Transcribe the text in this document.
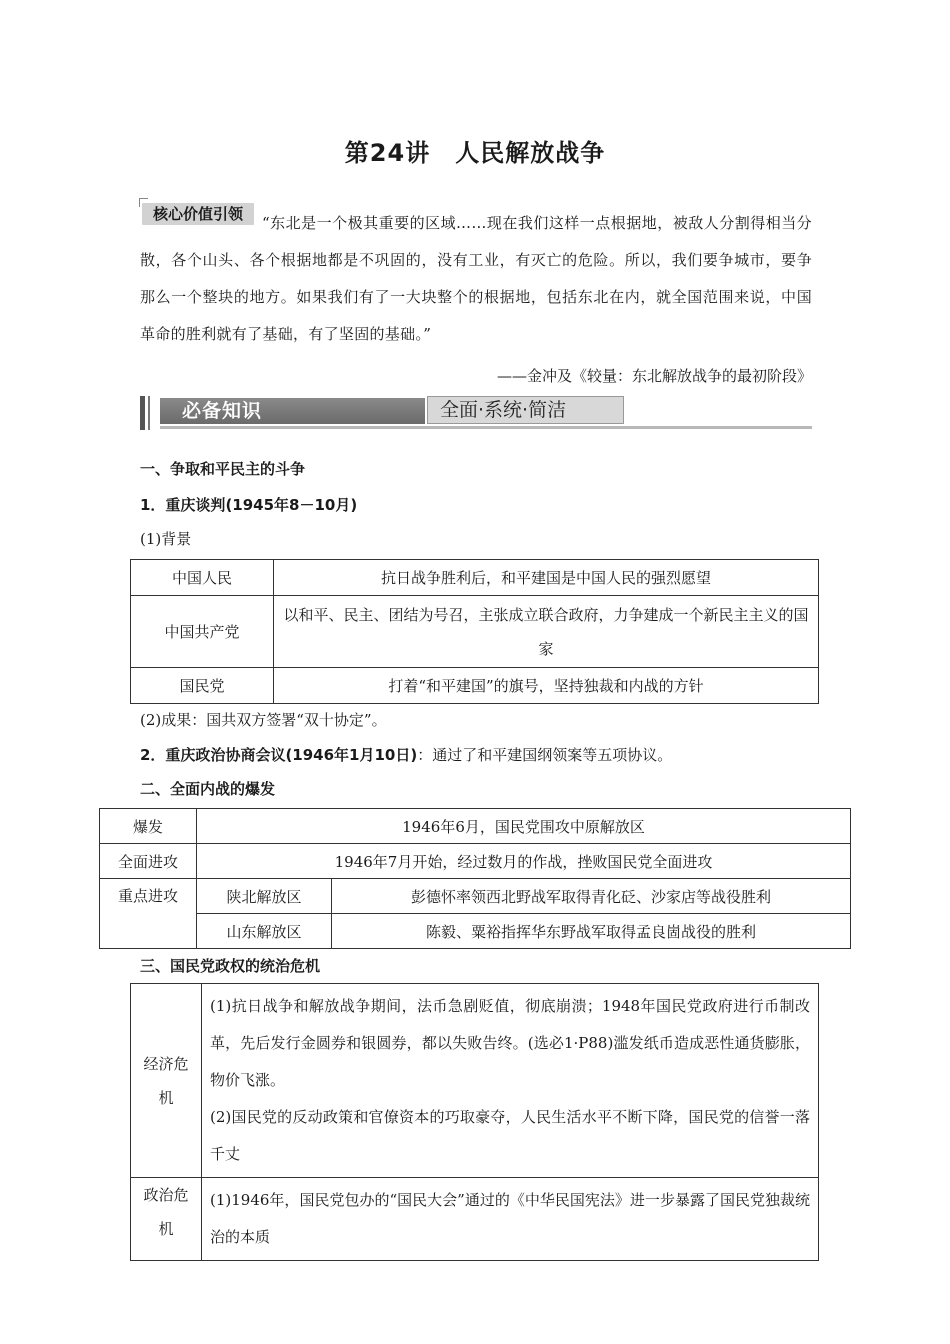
第24讲　人民解放战争
核心价值引领	“东北是一个极其重要的区域……现在我们这样一点根据地，被敌人分割得相当分散，各个山头、各个根据地都是不巩固的，没有工业，有灭亡的危险。所以，我们要争城市，要争那么一个整块的地方。如果我们有了一大块整个的根据地，包括东北在内，就全国范围来说，中国革命的胜利就有了基础，有了坚固的基础。”
——金冲及《较量：东北解放战争的最初阶段》
必备知识	全面·系统·简洁
一、争取和平民主的斗争
1．重庆谈判(1945年8－10月)
(1)背景
中国人民	抗日战争胜利后，和平建国是中国人民的强烈愿望
中国共产党	以和平、民主、团结为号召，主张成立联合政府，力争建成一个新民主主义的国家
国民党	打着“和平建国”的旗号，坚持独裁和内战的方针
(2)成果：国共双方签署“双十协定”。
2．重庆政治协商会议(1946年1月10日)：通过了和平建国纲领案等五项协议。
二、全面内战的爆发
爆发	1946年6月，国民党围攻中原解放区	
全面进攻	1946年7月开始，经过数月的作战，挫败国民党全面进攻	
重点进攻	陕北解放区	彭德怀率领西北野战军取得青化砭、沙家店等战役胜利
	山东解放区	陈毅、粟裕指挥华东野战军取得孟良崮战役的胜利
三、国民党政权的统治危机
经济危机	(1)抗日战争和解放战争期间，法币急剧贬值，彻底崩溃；1948年国民党政府进行币制改革，先后发行金圆券和银圆券，都以失败告终。(选必1·P88)滥发纸币造成恶性通货膨胀，物价飞涨。
(2)国民党的反动政策和官僚资本的巧取豪夺，人民生活水平不断下降，国民党的信誉一落千丈

政治危机	(1)1946年，国民党包办的“国民大会”通过的《中华民国宪法》进一步暴露了国民党独裁统治的本质
